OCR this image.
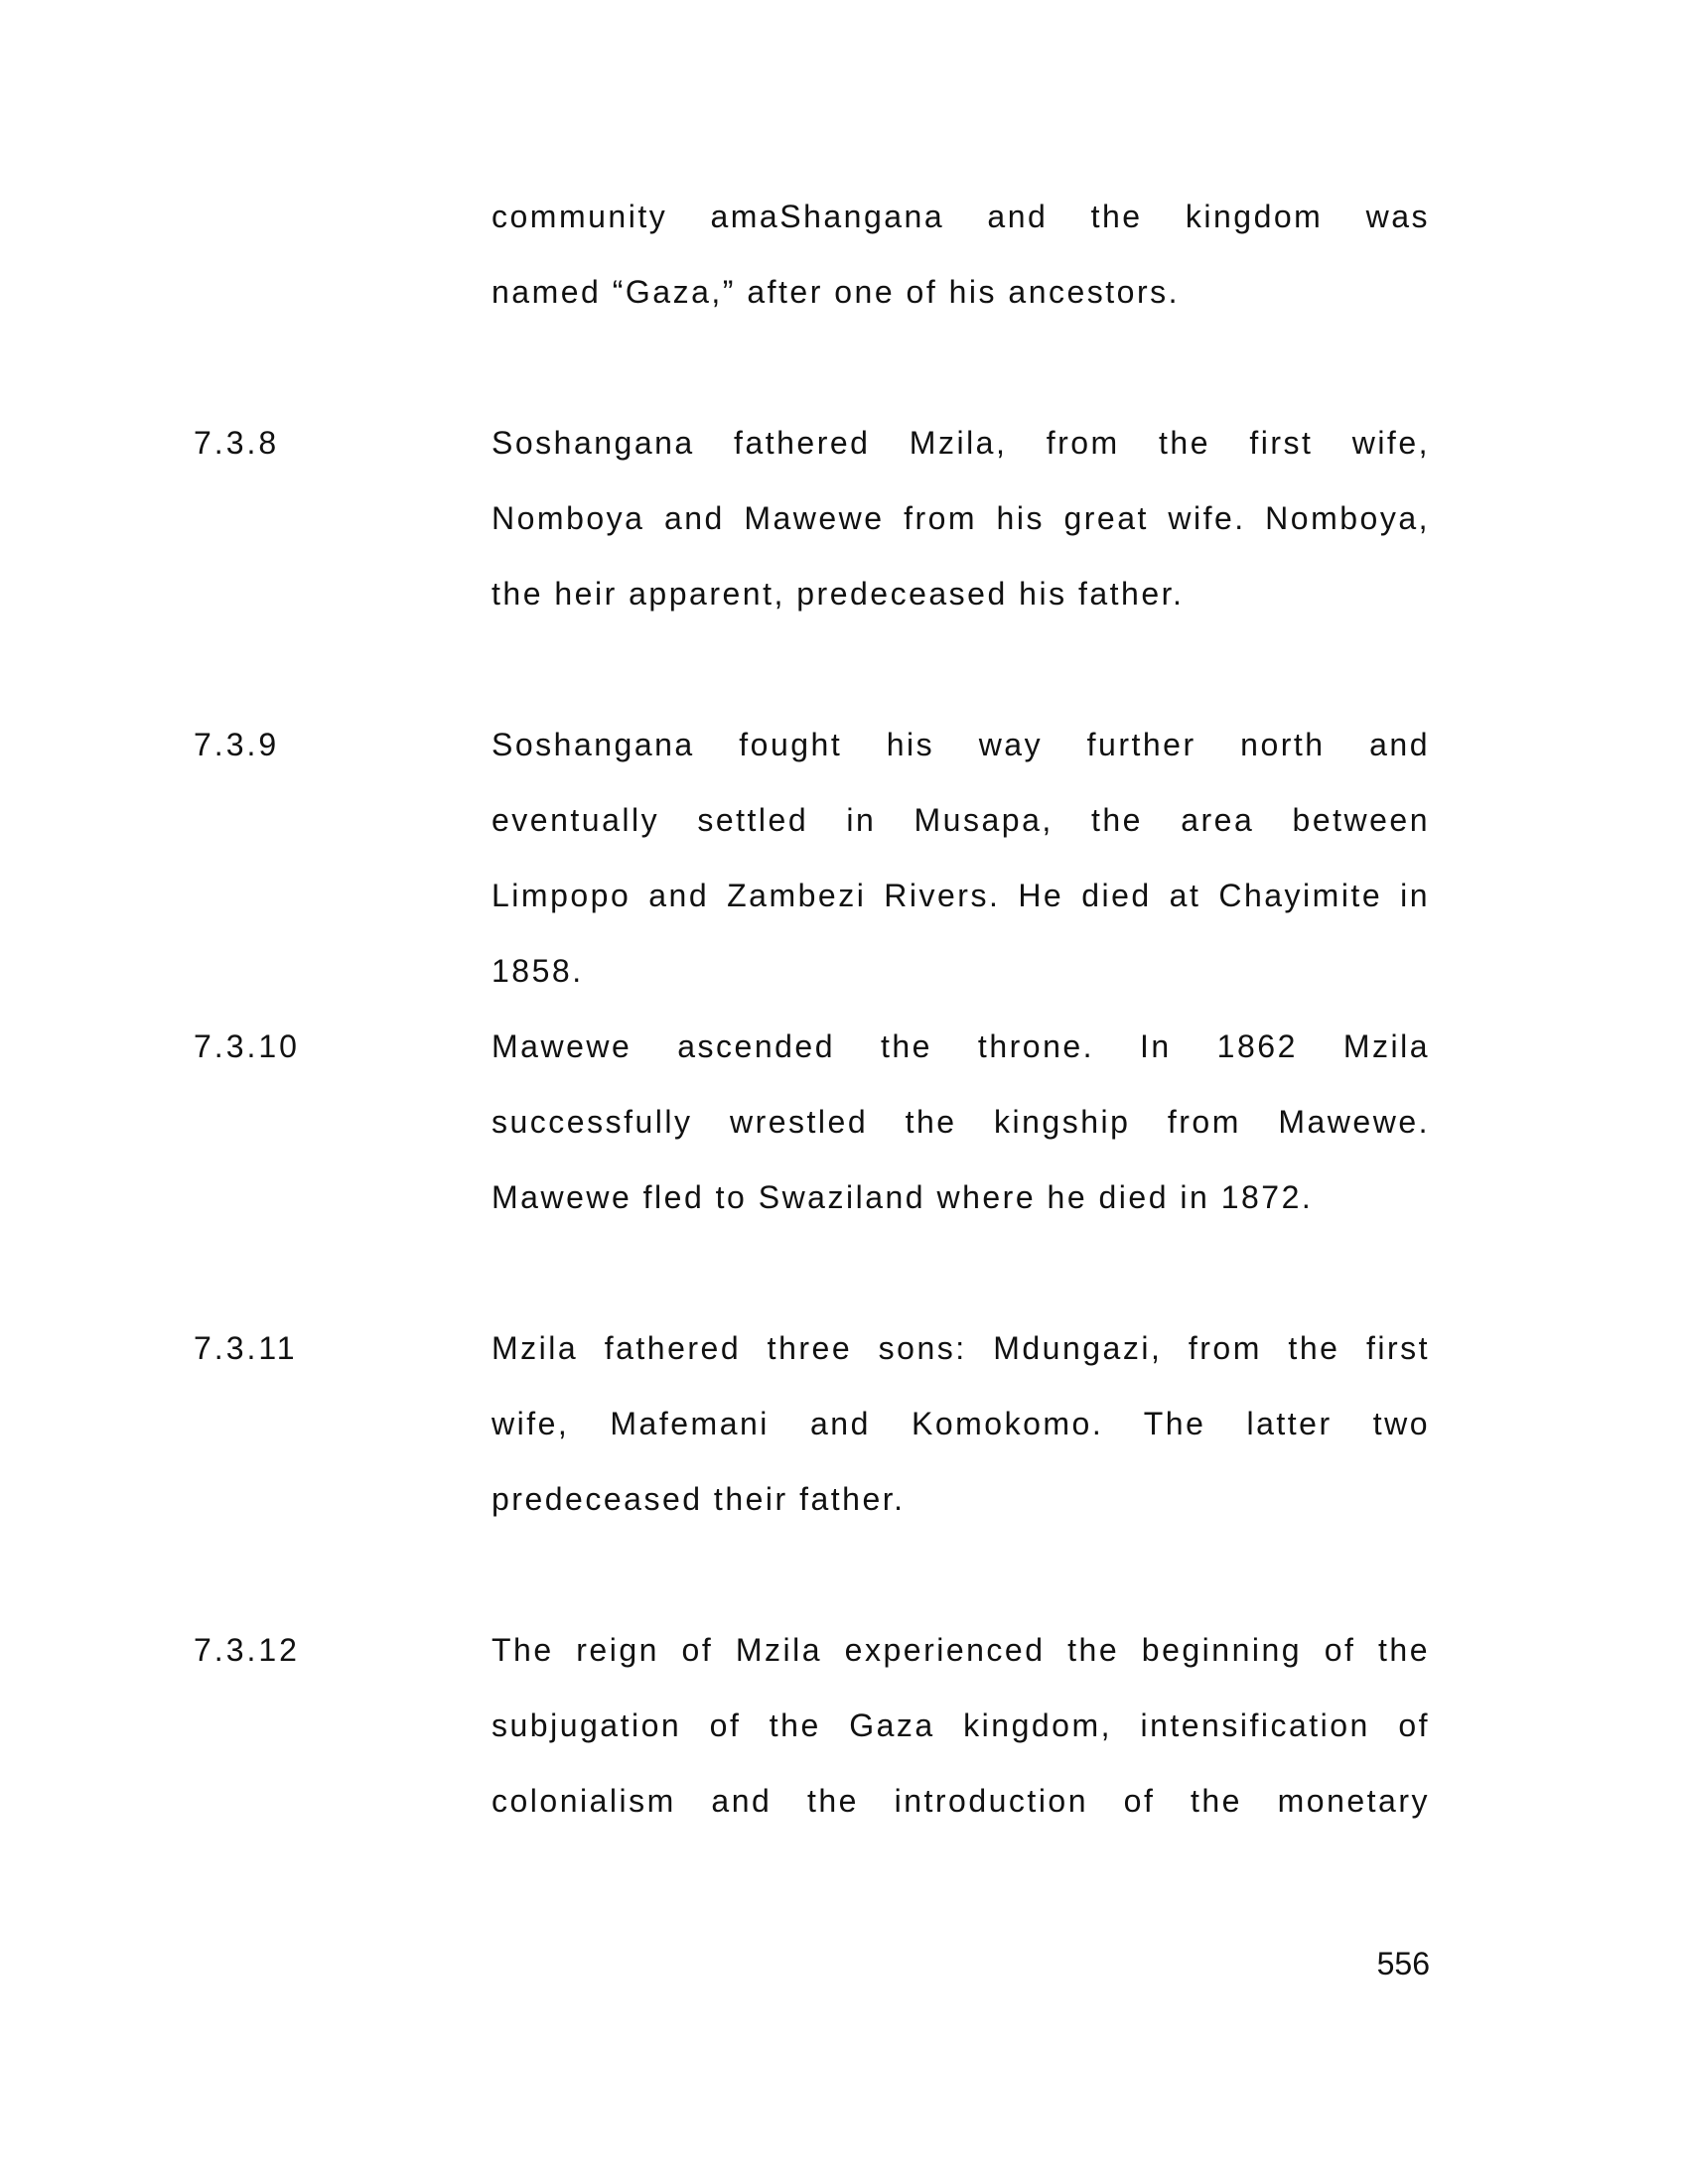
community amaShangana and the kingdom was
named “Gaza,” after one of his ancestors.
7.3.8	Soshangana fathered Mzila, from the first wife,
Nomboya and Mawewe from his great wife. Nomboya,
the heir apparent, predeceased his father.
7.3.9	Soshangana fought his way further north and
eventually settled in Musapa, the area between
Limpopo and Zambezi Rivers. He died at Chayimite in
1858.
7.3.10	Mawewe ascended the throne. In 1862 Mzila
successfully wrestled the kingship from Mawewe.
Mawewe fled to Swaziland where he died in 1872.
7.3.11	Mzila fathered three sons: Mdungazi, from the first
wife, Mafemani and Komokomo. The latter two
predeceased their father.
7.3.12	The reign of Mzila experienced the beginning of the
subjugation of the Gaza kingdom, intensification of
colonialism and the introduction of the monetary
556
